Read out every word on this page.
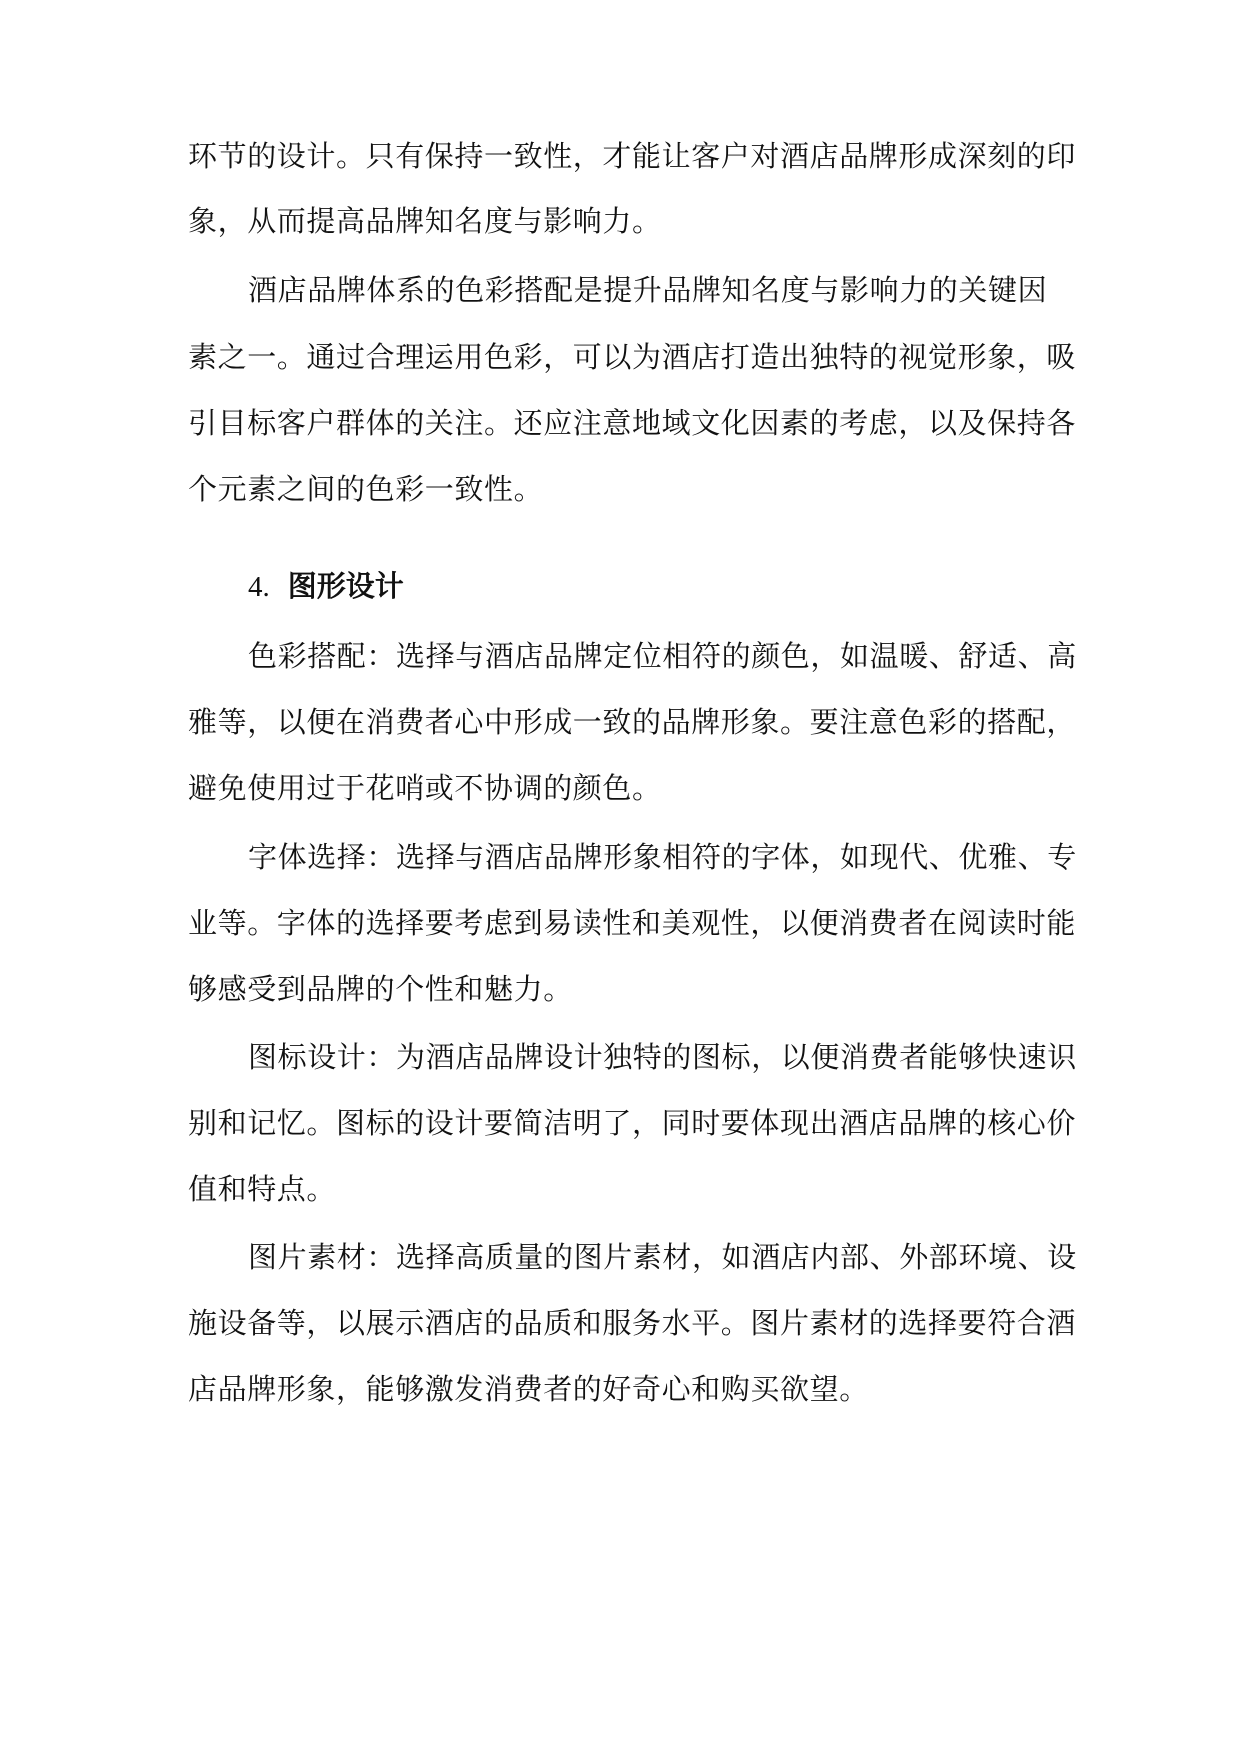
环节的设计。只有保持一致性，才能让客户对酒店品牌形成深刻的印
象，从而提高品牌知名度与影响力。
酒店品牌体系的色彩搭配是提升品牌知名度与影响力的关键因
素之一。通过合理运用色彩，可以为酒店打造出独特的视觉形象，吸
引目标客户群体的关注。还应注意地域文化因素的考虑，以及保持各
个元素之间的色彩一致性。
4. 图形设计
色彩搭配：选择与酒店品牌定位相符的颜色，如温暖、舒适、高
雅等，以便在消费者心中形成一致的品牌形象。要注意色彩的搭配，
避免使用过于花哨或不协调的颜色。
字体选择：选择与酒店品牌形象相符的字体，如现代、优雅、专
业等。字体的选择要考虑到易读性和美观性，以便消费者在阅读时能
够感受到品牌的个性和魅力。
图标设计：为酒店品牌设计独特的图标，以便消费者能够快速识
别和记忆。图标的设计要简洁明了，同时要体现出酒店品牌的核心价
值和特点。
图片素材：选择高质量的图片素材，如酒店内部、外部环境、设
施设备等，以展示酒店的品质和服务水平。图片素材的选择要符合酒
店品牌形象，能够激发消费者的好奇心和购买欲望。
